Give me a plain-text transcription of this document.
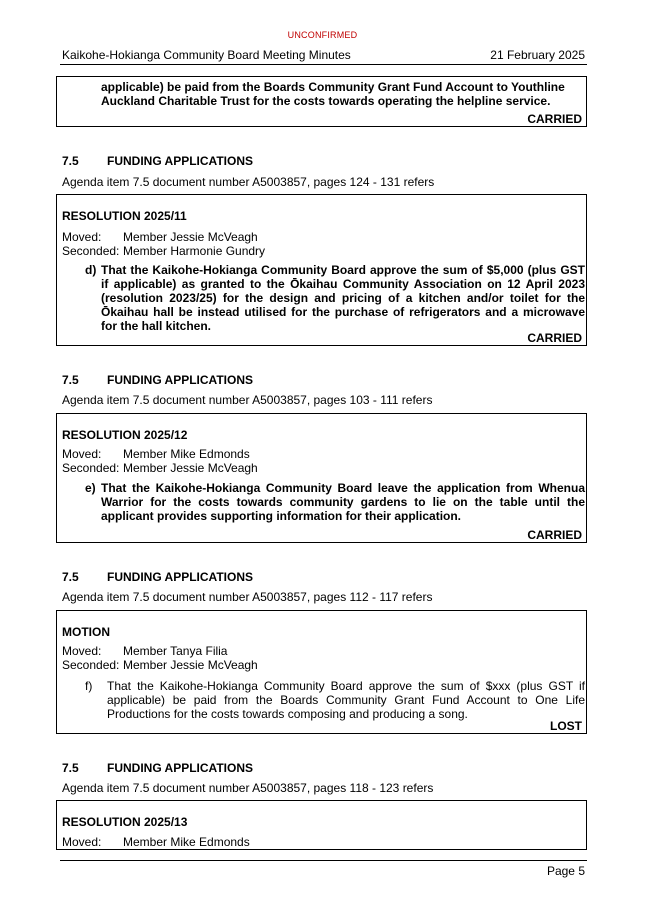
UNCONFIRMED
Kaikohe-Hokianga Community Board Meeting Minutes	21 February 2025
applicable) be paid from the Boards Community Grant Fund Account to Youthline
Auckland Charitable Trust for the costs towards operating the helpline service.
CARRIED
7.5 FUNDING APPLICATIONS
Agenda item 7.5 document number A5003857, pages 124 - 131 refers
RESOLUTION 2025/11
Moved: Member Jessie McVeagh
Seconded: Member Harmonie Gundry
d) That the Kaikohe-Hokianga Community Board approve the sum of $5,000 (plus GST if applicable) as granted to the Ōkaihau Community Association on 12 April 2023 (resolution 2023/25) for the design and pricing of a kitchen and/or toilet for the Ōkaihau hall be instead utilised for the purchase of refrigerators and a microwave for the hall kitchen.
CARRIED
7.5 FUNDING APPLICATIONS
Agenda item 7.5 document number A5003857, pages 103 - 111 refers
RESOLUTION 2025/12
Moved: Member Mike Edmonds
Seconded: Member Jessie McVeagh
e) That the Kaikohe-Hokianga Community Board leave the application from Whenua Warrior for the costs towards community gardens to lie on the table until the applicant provides supporting information for their application.
CARRIED
7.5 FUNDING APPLICATIONS
Agenda item 7.5 document number A5003857, pages 112 - 117 refers
MOTION
Moved: Member Tanya Filia
Seconded: Member Jessie McVeagh
f) That the Kaikohe-Hokianga Community Board approve the sum of $xxx (plus GST if applicable) be paid from the Boards Community Grant Fund Account to One Life Productions for the costs towards composing and producing a song.
LOST
7.5 FUNDING APPLICATIONS
Agenda item 7.5 document number A5003857, pages 118 - 123 refers
RESOLUTION 2025/13
Moved: Member Mike Edmonds
Page 5
